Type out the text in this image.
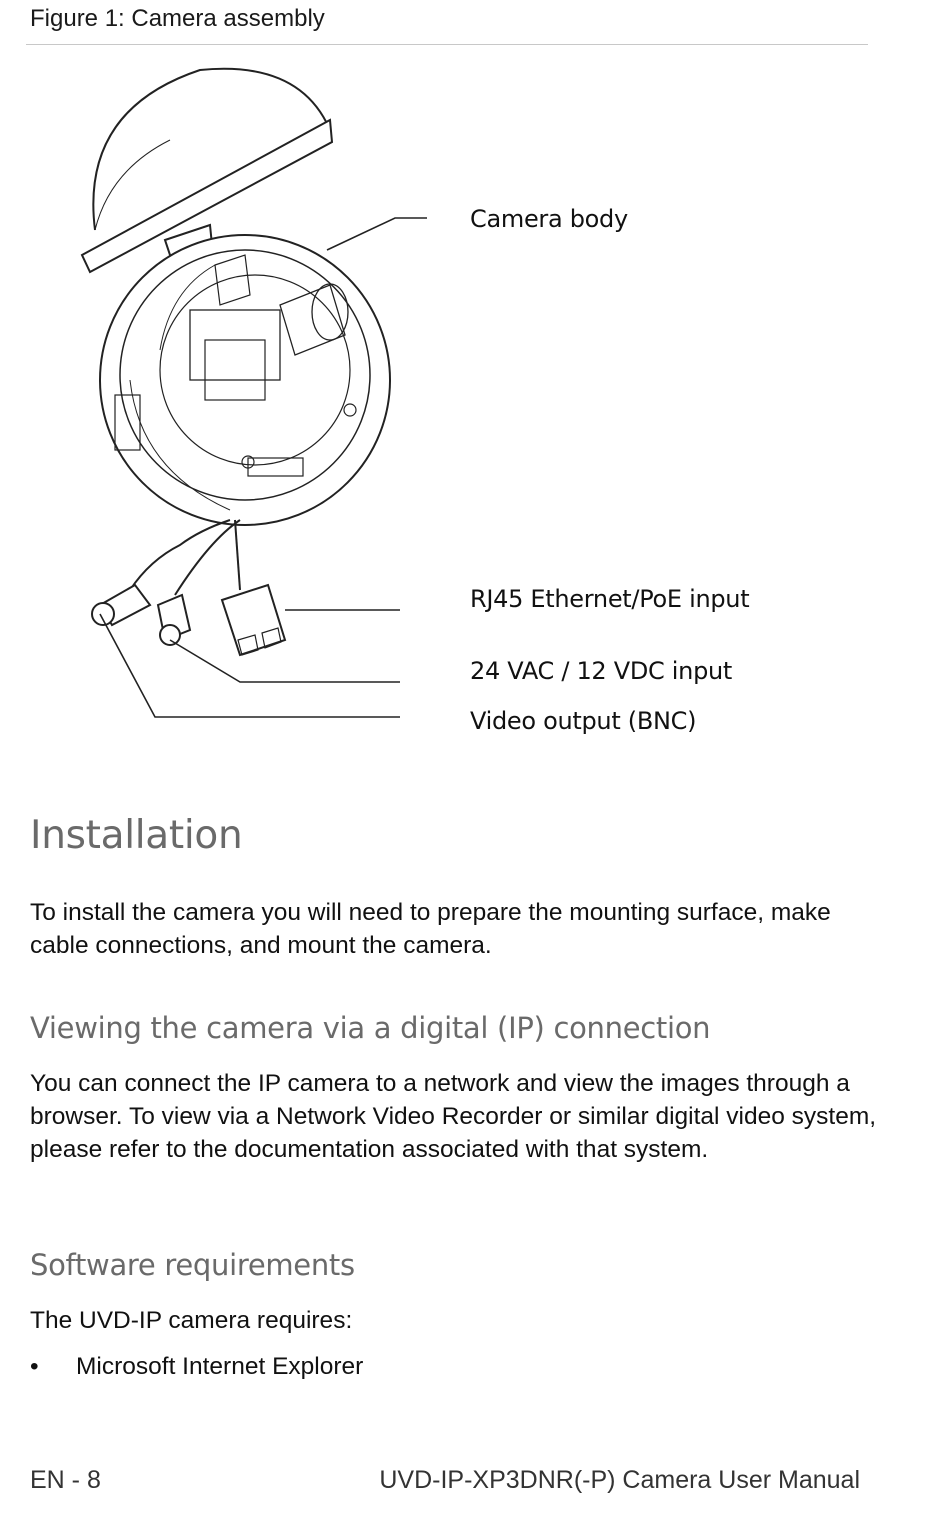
Figure 1: Camera assembly
Camera body
RJ45 Ethernet/PoE input
24 VAC / 12 VDC input
Video output (BNC)
Installation
To install the camera you will need to prepare the mounting surface, make cable connections, and mount the camera.
Viewing the camera via a digital (IP) connection
You can connect the IP camera to a network and view the images through a browser. To view via a Network Video Recorder or similar digital video system, please refer to the documentation associated with that system.
Software requirements
The UVD-IP camera requires:
• Microsoft Internet Explorer
EN - 8	UVD-IP-XP3DNR(-P) Camera User Manual
